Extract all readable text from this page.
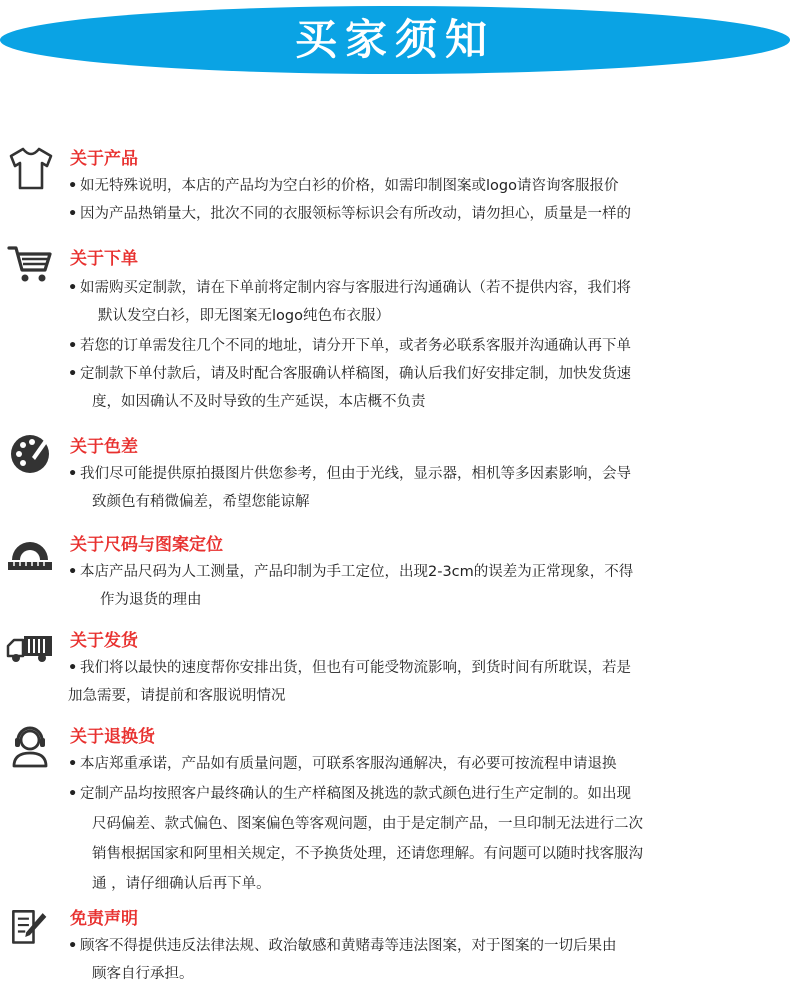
买家须知
关于产品
• 如无特殊说明，本店的产品均为空白衫的价格，如需印制图案或logo请咨询客服报价
• 因为产品热销量大，批次不同的衣服领标等标识会有所改动，请勿担心，质量是一样的
关于下单
• 如需购买定制款，请在下单前将定制内容与客服进行沟通确认（若不提供内容，我们将
默认发空白衫，即无图案无logo纯色布衣服）
• 若您的订单需发往几个不同的地址，请分开下单，或者务必联系客服并沟通确认再下单
• 定制款下单付款后，请及时配合客服确认样稿图，确认后我们好安排定制，加快发货速
度，如因确认不及时导致的生产延误，本店概不负责
关于色差
• 我们尽可能提供原拍摄图片供您参考，但由于光线，显示器，相机等多因素影响，会导
致颜色有稍微偏差，希望您能谅解
关于尺码与图案定位
• 本店产品尺码为人工测量，产品印制为手工定位，出现2-3cm的误差为正常现象，不得
作为退货的理由
关于发货
• 我们将以最快的速度帮你安排出货，但也有可能受物流影响，到货时间有所耽误，若是
加急需要，请提前和客服说明情况
关于退换货
• 本店郑重承诺，产品如有质量问题，可联系客服沟通解决，有必要可按流程申请退换
• 定制产品均按照客户最终确认的生产样稿图及挑选的款式颜色进行生产定制的。如出现
尺码偏差、款式偏色、图案偏色等客观问题，由于是定制产品，一旦印制无法进行二次
销售根据国家和阿里相关规定，不予换货处理，还请您理解。有问题可以随时找客服沟
通 ，请仔细确认后再下单。
免责声明
• 顾客不得提供违反法律法规、政治敏感和黄赌毒等违法图案，对于图案的一切后果由
顾客自行承担。
